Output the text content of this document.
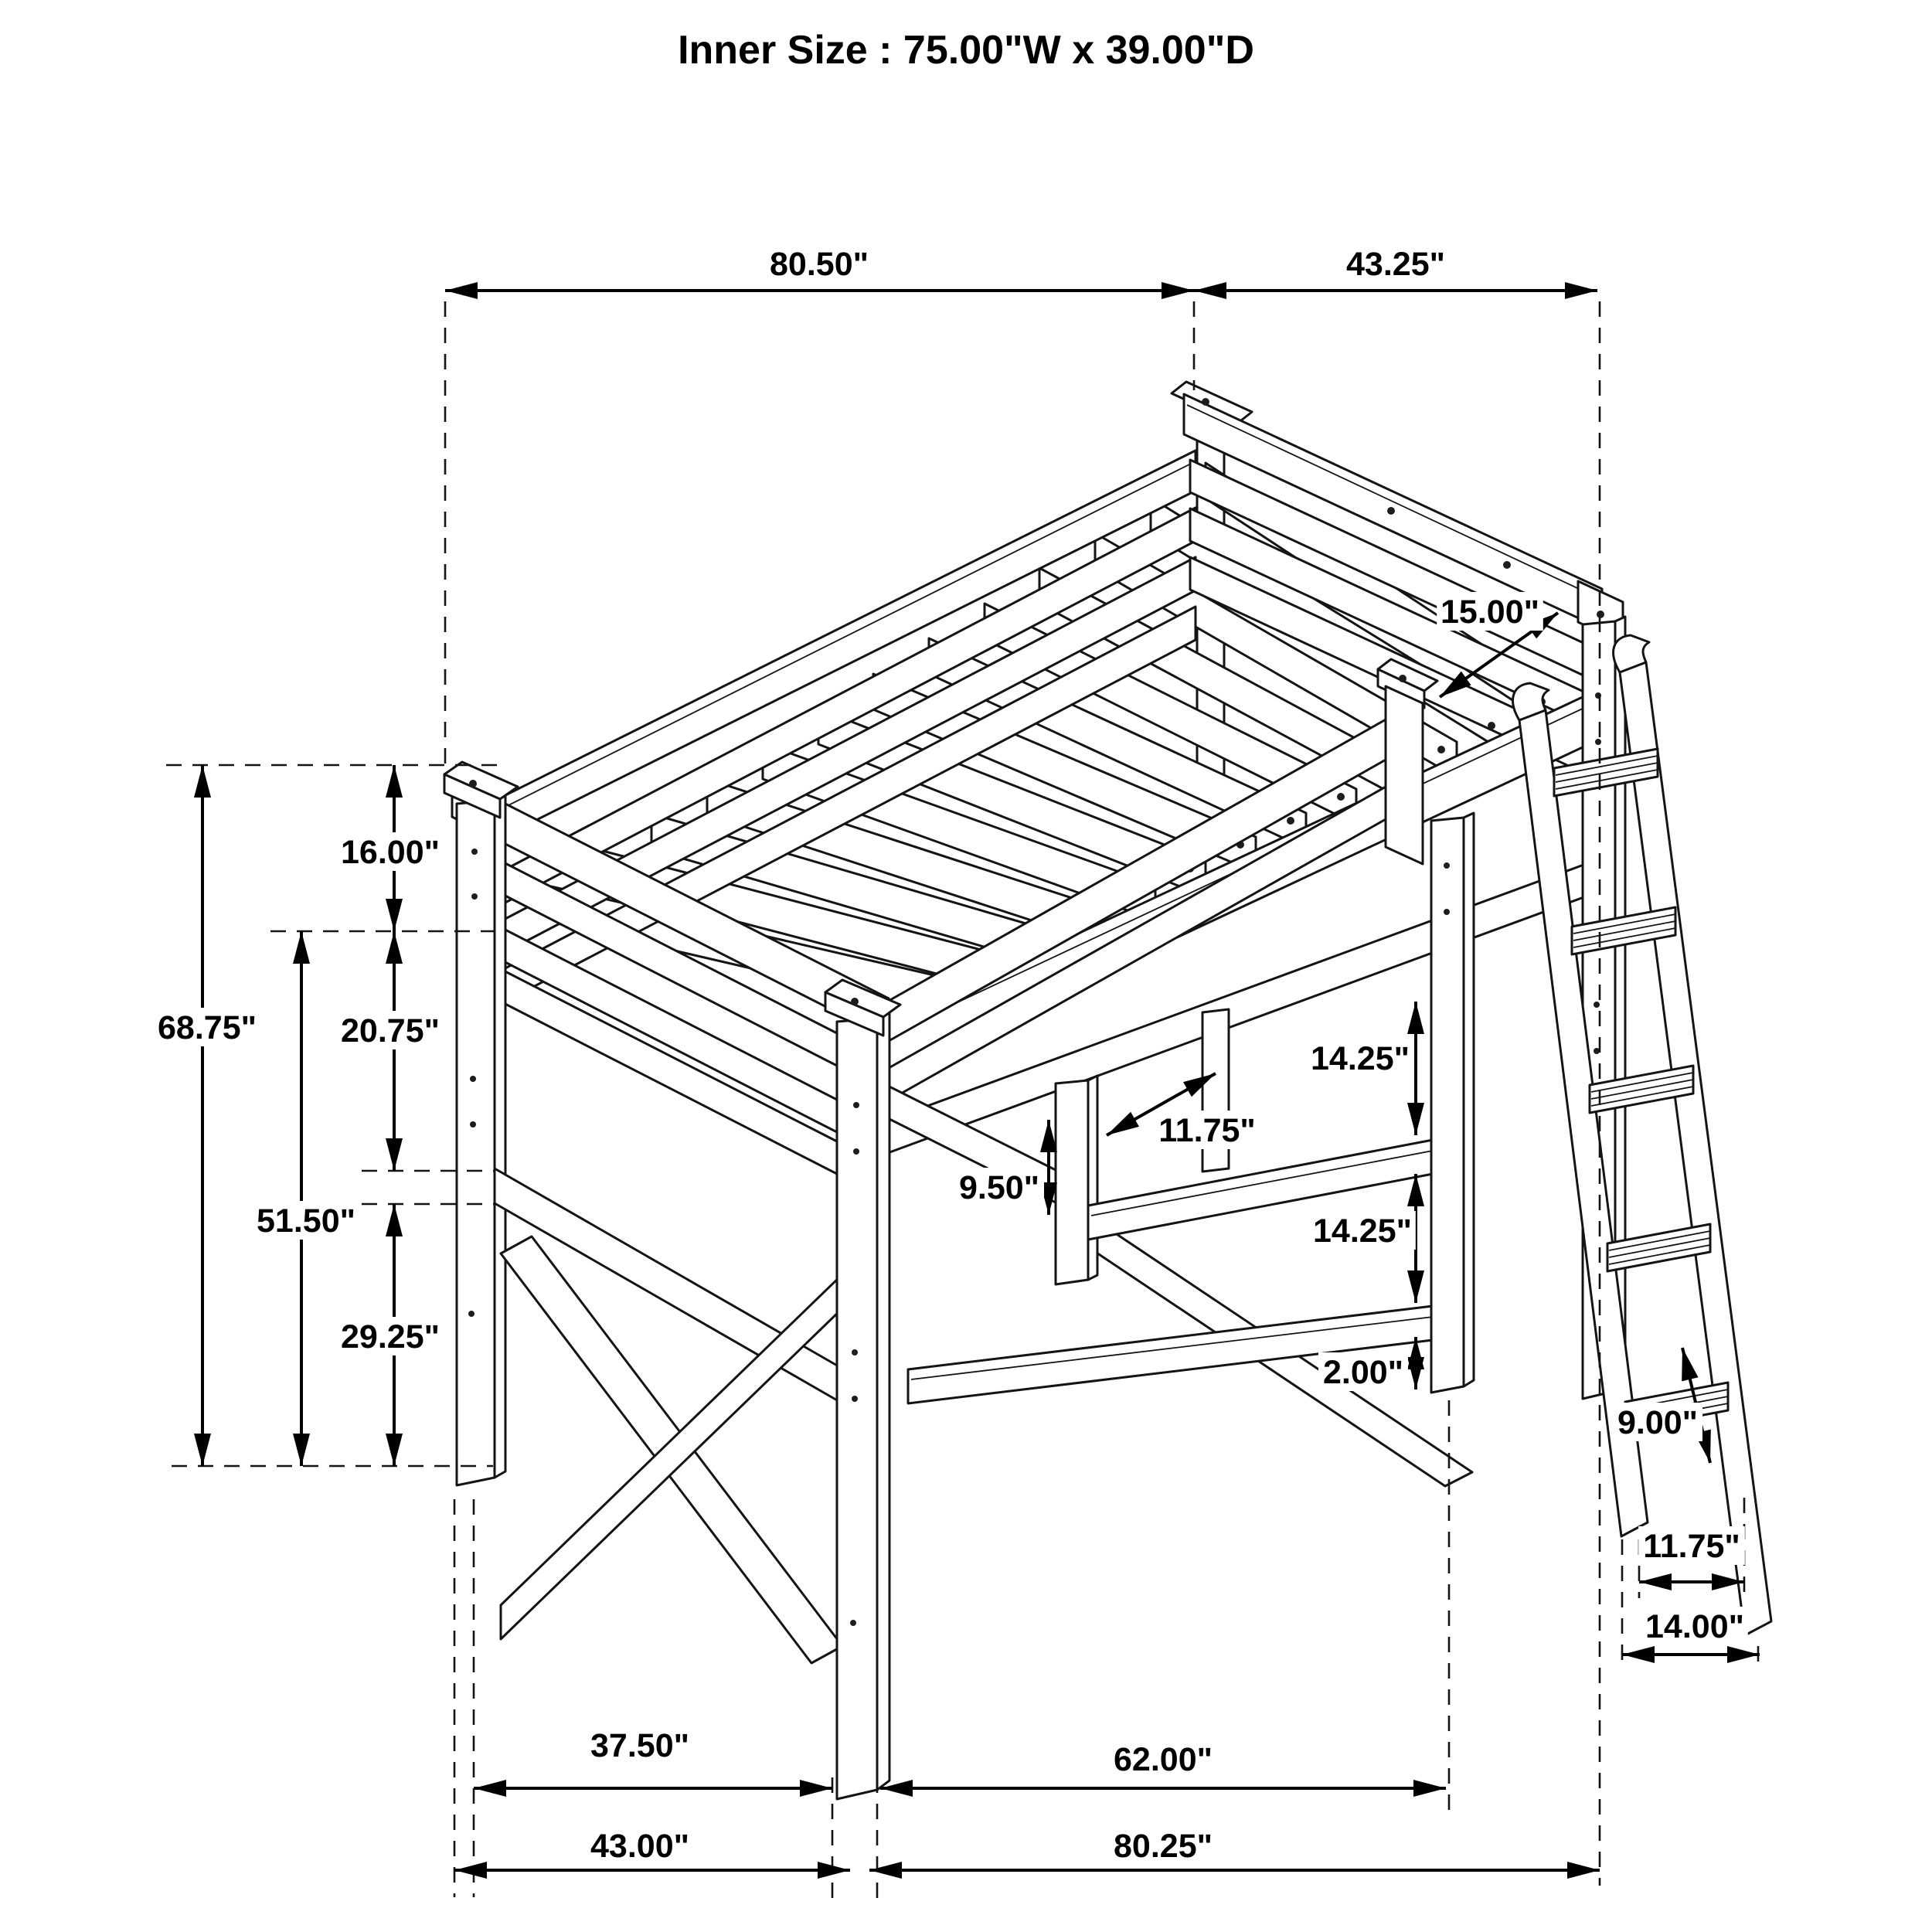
80.50"	43.25"
15.00"
16.00"
68.75"	20.75"
51.50"
29.25"
14.25"
11.75"
9.50"
14.25"
2.00"
9.00"
11.75"
14.00"
37.50"	62.00"
43.00"	80.25"
Inner Size : 75.00"W x 39.00"D
